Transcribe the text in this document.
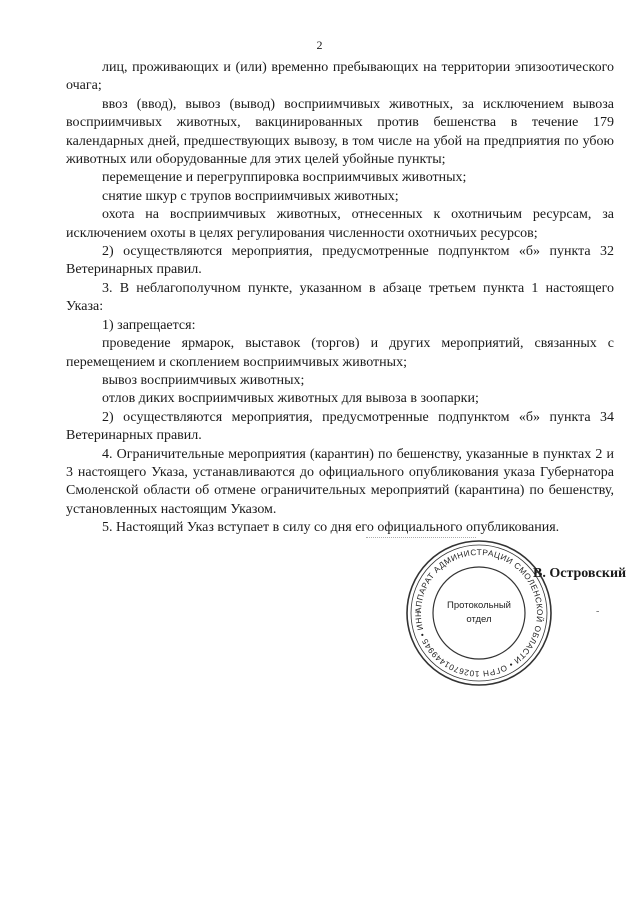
2

лиц, проживающих и (или) временно пребывающих на территории эпизоотического очага;

ввоз (ввод), вывоз (вывод) восприимчивых животных, за исключением вывоза восприимчивых животных, вакцинированных против бешенства в течение 179 календарных дней, предшествующих вывозу, в том числе на убой на предприятия по убою животных или оборудованные для этих целей убойные пункты;

перемещение и перегруппировка восприимчивых животных;

снятие шкур с трупов восприимчивых животных;

охота на восприимчивых животных, отнесенных к охотничьим ресурсам, за исключением охоты в целях регулирования численности охотничьих ресурсов;

2) осуществляются мероприятия, предусмотренные подпунктом «б» пункта 32 Ветеринарных правил.

3. В неблагополучном пункте, указанном в абзаце третьем пункта 1 настоящего Указа:

1) запрещается:

проведение ярмарок, выставок (торгов) и других мероприятий, связанных с перемещением и скоплением восприимчивых животных;

вывоз восприимчивых животных;

отлов диких восприимчивых животных для вывоза в зоопарки;

2) осуществляются мероприятия, предусмотренные подпунктом «б» пункта 34 Ветеринарных правил.

4. Ограничительные мероприятия (карантин) по бешенству, указанные в пунктах 2 и 3 настоящего Указа, устанавливаются до официального опубликования указа Губернатора Смоленской области об отмене ограничительных мероприятий (карантина) по бешенству, установленных настоящим Указом.

5. Настоящий Указ вступает в силу со дня его официального опубликования.

АППАРАТ АДМИНИСТРАЦИИ СМОЛЕНСКОЙ ОБЛАСТИ • ОГРН 1026701449945 • ИНН
Протокольный
отдел
В. Островский
-
